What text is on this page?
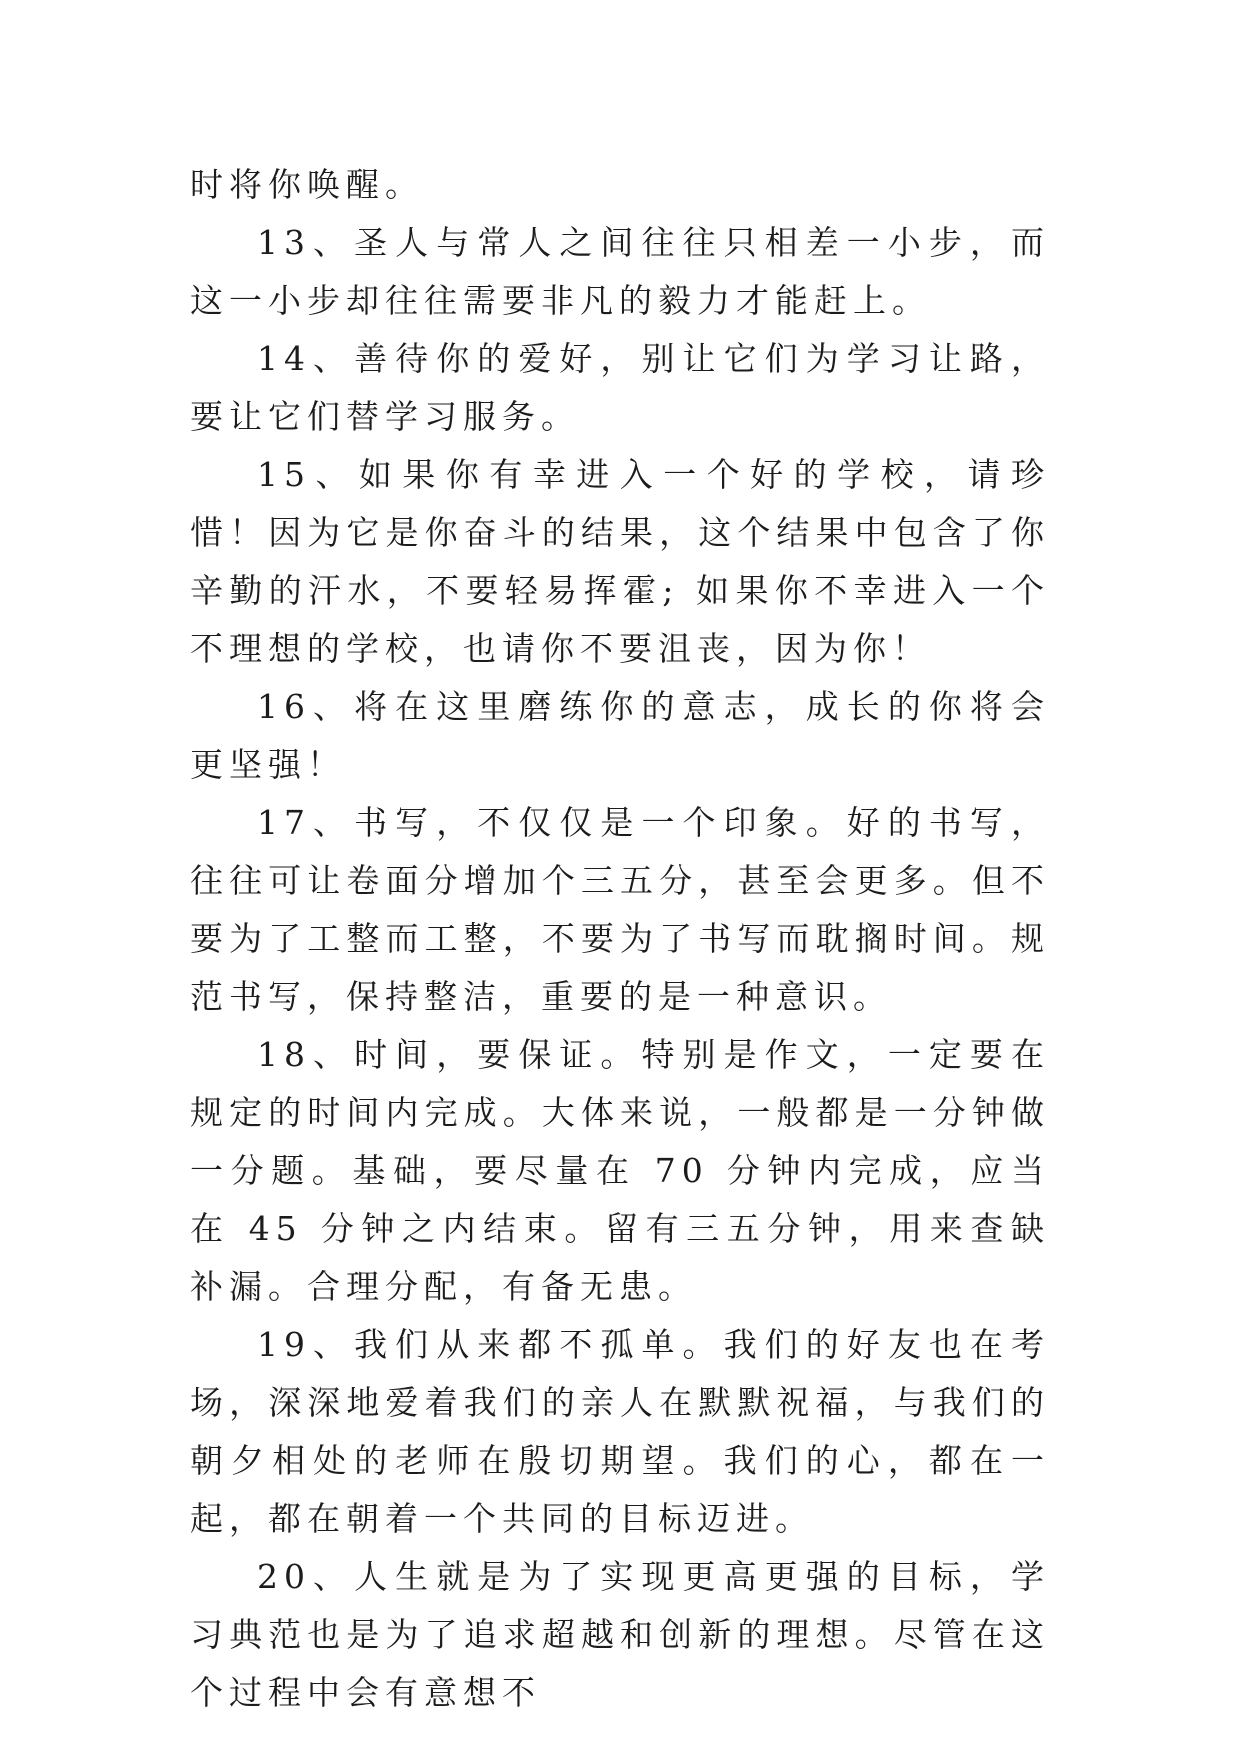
时将你唤醒。

13、圣人与常人之间往往只相差一小步，而这一小步却往往需要非凡的毅力才能赶上。

14、善待你的爱好，别让它们为学习让路，要让它们替学习服务。

15、如果你有幸进入一个好的学校，请珍惜！因为它是你奋斗的结果，这个结果中包含了你辛勤的汗水，不要轻易挥霍; 如果你不幸进入一个不理想的学校，也请你不要沮丧，因为你！

16、将在这里磨练你的意志，成长的你将会更坚强！

17、书写，不仅仅是一个印象。好的书写，往往可让卷面分增加个三五分，甚至会更多。但不要为了工整而工整，不要为了书写而耽搁时间。规范书写，保持整洁，重要的是一种意识。

18、时间，要保证。特别是作文，一定要在规定的时间内完成。大体来说，一般都是一分钟做一分题。基础，要尽量在 70 分钟内完成，应当在 45 分钟之内结束。留有三五分钟，用来查缺补漏。合理分配，有备无患。

19、我们从来都不孤单。我们的好友也在考场，深深地爱着我们的亲人在默默祝福，与我们的朝夕相处的老师在殷切期望。我们的心，都在一起，都在朝着一个共同的目标迈进。

20、人生就是为了实现更高更强的目标，学习典范也是为了追求超越和创新的理想。尽管在这个过程中会有意想不
